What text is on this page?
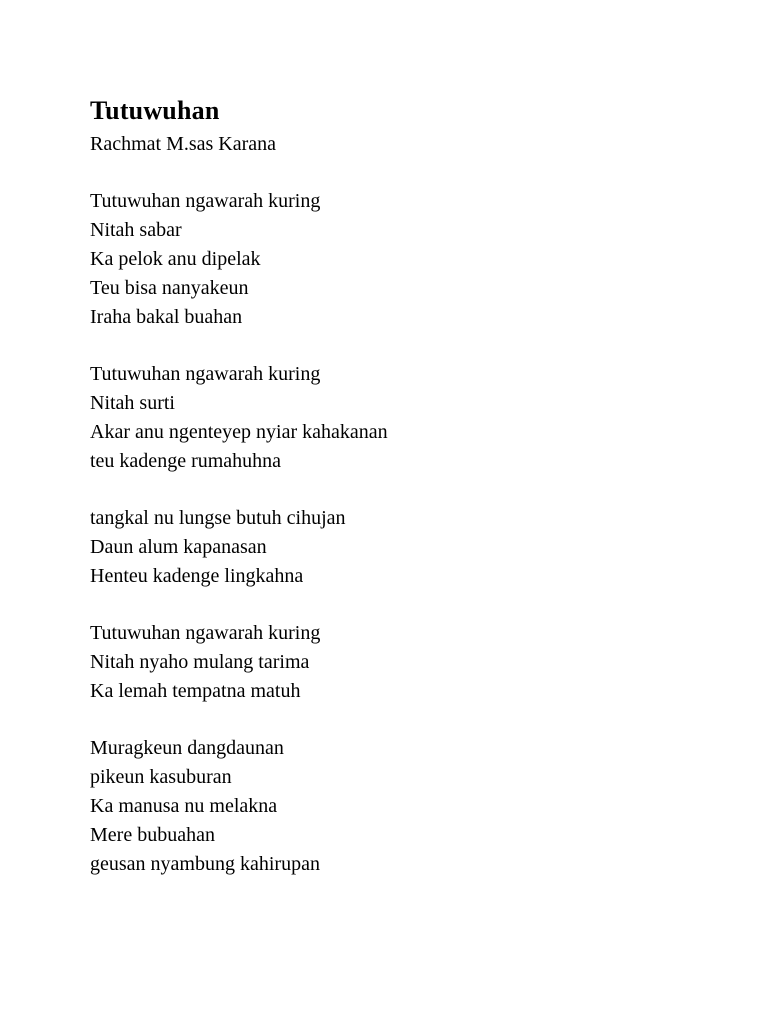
Tutuwuhan

Rachmat M.sas Karana

Tutuwuhan ngawarah kuring
Nitah sabar
Ka pelok anu dipelak
Teu bisa nanyakeun
Iraha bakal buahan
Tutuwuhan ngawarah kuring
Nitah surti
Akar anu ngenteyep nyiar kahakanan
teu kadenge rumahuhna
tangkal nu lungse butuh cihujan
Daun alum kapanasan
Henteu kadenge lingkahna
Tutuwuhan ngawarah kuring
Nitah nyaho mulang tarima
Ka lemah tempatna matuh
Muragkeun dangdaunan
pikeun kasuburan
Ka manusa nu melakna
Mere bubuahan
geusan nyambung kahirupan
